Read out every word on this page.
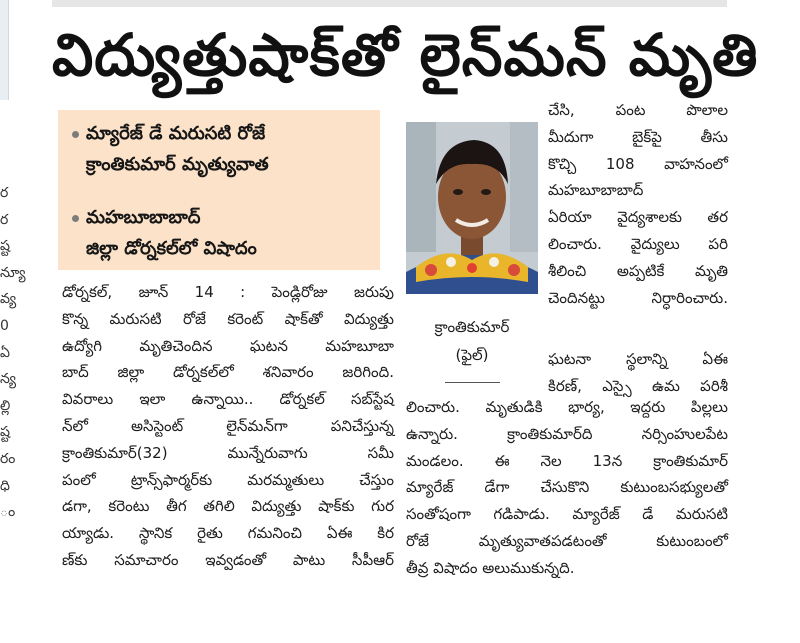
ర
ర
ష్ట
న్యూ
వ్య
0
ఏ
న్య
ల్లి
ష్ట
రం
ధి
ం
విద్యుత్తుషాక్‌తో లైన్‌మన్‌ మృతి
మ్యారేజ్‌ డే మరుసటి రోజే
క్రాంతికుమార్‌ మృత్యువాత
మహబూబాబాద్‌
జిల్లా డోర్నకల్‌లో విషాదం
డోర్నకల్‌, జూన్‌ 14 : పెండ్లిరోజు జరుపు
కొన్న మరుసటి రోజే కరెంట్‌ షాక్‌తో విద్యుత్తు
ఉద్యోగి మృతిచెందిన ఘటన మహబూబా
బాద్‌ జిల్లా డోర్నకల్‌లో శనివారం జరిగింది.
వివరాలు ఇలా ఉన్నాయి.. డోర్నకల్‌ సబ్‌స్టేష
న్‌లో అసిస్టెంట్‌ లైన్‌మన్‌గా పనిచేస్తున్న
క్రాంతికుమార్‌(32) మున్నేరువాగు సమీ
పంలో ట్రాన్స్‌ఫార్మర్‌కు మరమ్మతులు చేస్తుం
డగా, కరెంటు తీగ తగిలి విద్యుత్తు షాక్‌కు గుర
య్యాడు. స్థానిక రైతు గమనించి ఏఈ కిర
ణ్‌కు సమాచారం ఇవ్వడంతో పాటు సీపీఆర్‌
క్రాంతికుమార్‌
(ఫైల్‌)
చేసి, పంట పొలాల
మీదుగా బైక్‌పై తీసు
కొచ్చి 108 వాహనంలో
మహబూబాబాద్‌
ఏరియా వైద్యశాలకు తర
లించారు. వైద్యులు పరి
శీలించి అప్పటికే మృతి
చెందినట్టు నిర్ధారించారు.
ఘటనా స్థలాన్ని ఏఈ
కిరణ్‌, ఎస్సై ఉమ పరిశీ
లించారు. మృతుడికి భార్య, ఇద్దరు పిల్లలు
ఉన్నారు. క్రాంతికుమార్‌ది నర్సింహులపేట
మండలం. ఈ నెల 13న క్రాంతికుమార్‌
మ్యారేజ్‌ డేగా చేసుకొని కుటుంబసభ్యులతో
సంతోషంగా గడిపాడు. మ్యారేజ్‌ డే మరుసటి
రోజే మృత్యువాతపడటంతో కుటుంబంలో
తీవ్ర విషాదం అలుముకున్నది.
